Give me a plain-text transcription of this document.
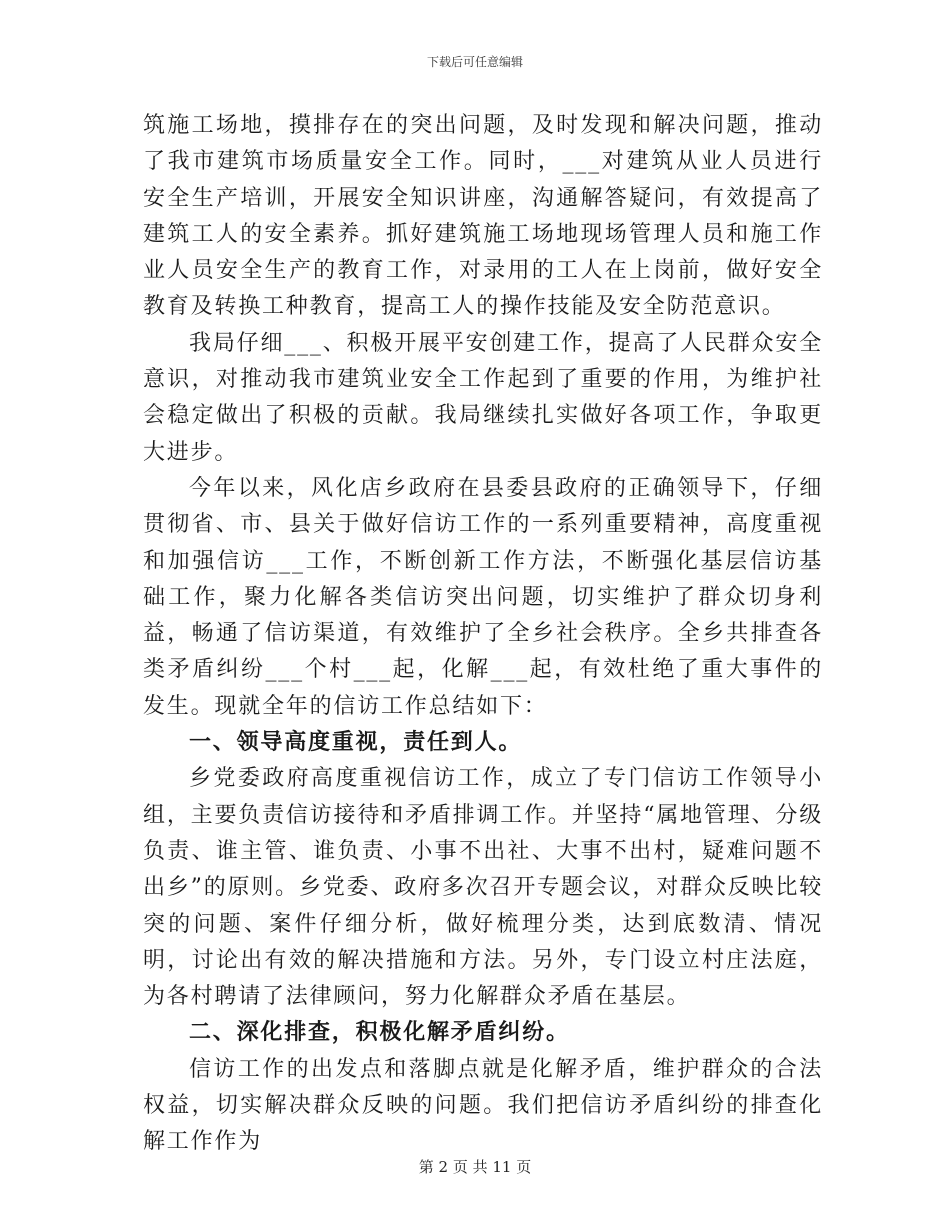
下载后可任意编辑

筑施工场地，摸排存在的突出问题，及时发现和解决问题，推动了我市建筑市场质量安全工作。同时，___对建筑从业人员进行安全生产培训，开展安全知识讲座，沟通解答疑问，有效提高了建筑工人的安全素养。抓好建筑施工场地现场管理人员和施工作业人员安全生产的教育工作，对录用的工人在上岗前，做好安全教育及转换工种教育，提高工人的操作技能及安全防范意识。

我局仔细___、积极开展平安创建工作，提高了人民群众安全意识，对推动我市建筑业安全工作起到了重要的作用，为维护社会稳定做出了积极的贡献。我局继续扎实做好各项工作，争取更大进步。

今年以来，风化店乡政府在县委县政府的正确领导下，仔细贯彻省、市、县关于做好信访工作的一系列重要精神，高度重视和加强信访___工作，不断创新工作方法，不断强化基层信访基础工作，聚力化解各类信访突出问题，切实维护了群众切身利益，畅通了信访渠道，有效维护了全乡社会秩序。全乡共排查各类矛盾纠纷___个村___起，化解___起，有效杜绝了重大事件的发生。现就全年的信访工作总结如下：

一、领导高度重视，责任到人。

乡党委政府高度重视信访工作，成立了专门信访工作领导小组，主要负责信访接待和矛盾排调工作。并坚持“属地管理、分级负责、谁主管、谁负责、小事不出社、大事不出村，疑难问题不出乡”的原则。乡党委、政府多次召开专题会议，对群众反映比较突的问题、案件仔细分析，做好梳理分类，达到底数清、情况明，讨论出有效的解决措施和方法。另外，专门设立村庄法庭，为各村聘请了法律顾问，努力化解群众矛盾在基层。

二、深化排查，积极化解矛盾纠纷。

信访工作的出发点和落脚点就是化解矛盾，维护群众的合法权益，切实解决群众反映的问题。我们把信访矛盾纠纷的排查化解工作作为

第 2 页 共 11 页
